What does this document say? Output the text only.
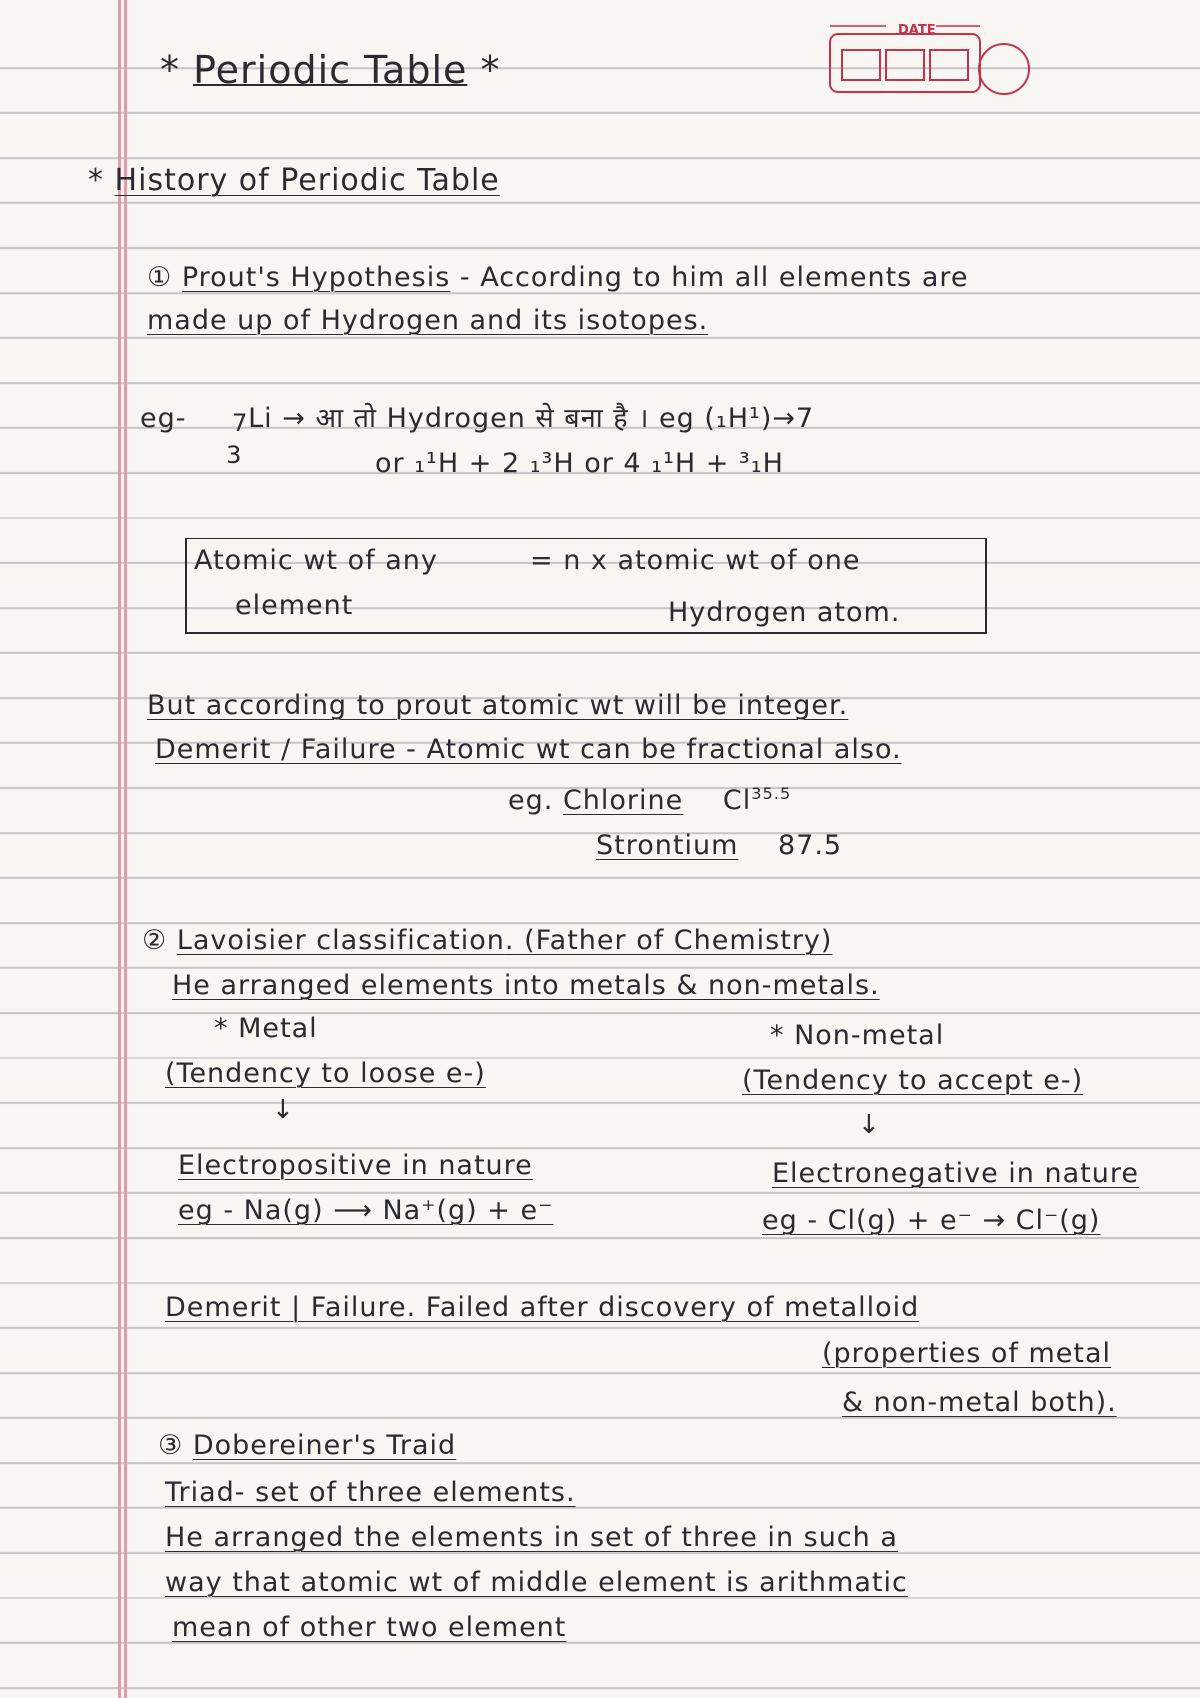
DATE
* Periodic Table *
* History of Periodic Table
① Prout's Hypothesis - According to him all elements are
made up of Hydrogen and its isotopes.
eg- 7
3
Li → आ तो Hydrogen से बना है । eg (₁H¹)→7
or ₁¹H + 2 ₁³H or 4 ₁¹H + ³₁H
Atomic wt of any	= n x atomic wt of one
element	Hydrogen atom.
But according to prout atomic wt will be integer.
Demerit / Failure - Atomic wt can be fractional also.
eg. Chlorine $Cl^{35.5}$
Strontium 87.5
② Lavoisier classification. (Father of Chemistry)
He arranged elements into metals & non-metals.
* Metal	* Non-metal
(Tendency to loose e-)	(Tendency to accept e-)
↓	↓
Electropositive in nature	Electronegative in nature
eg - Na(g) ⟶ Na⁺(g) + e⁻	eg - Cl(g) + e⁻ → Cl⁻(g)
Demerit | Failure. Failed after discovery of metalloid
(properties of metal
& non-metal both).
③ Dobereiner's Traid
Triad- set of three elements.
He arranged the elements in set of three in such a
way that atomic wt of middle element is arithmatic
mean of other two element
